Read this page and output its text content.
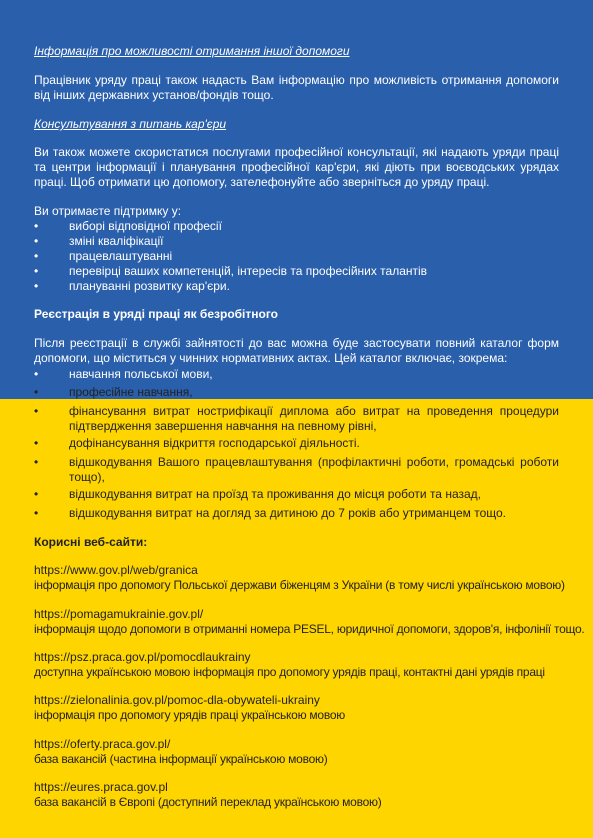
Інформація про можливості отримання іншої допомоги

Працівник уряду праці також надасть Вам інформацію про можливість отримання допомоги від інших державних установ/фондів тощо.

Консультування з питань кар'єри

Ви також можете скористатися послугами професійної консультації, які надають уряди праці та центри інформації і планування професійної кар'єри, які діють при воєводських урядах праці. Щоб отримати цю допомогу, зателефонуйте або зверніться до уряду праці.

Ви отримаєте підтримку у:

•	виборі відповідної професії
•	зміні кваліфікації
•	працевлаштуванні
•	перевірці ваших компетенцій, інтересів та професійних талантів
•	плануванні розвитку кар'єри.

Реєстрація в уряді праці як безробітного

Після реєстрації в службі зайнятості до вас можна буде застосувати повний каталог форм допомоги, що міститься у чинних нормативних актах. Цей каталог включає, зокрема:

•	навчання польської мови,
•	професійне навчання,
•	фінансування витрат нострифікації диплома або витрат на проведення процедури підтвердження завершення навчання на певному рівні,
•	дофінансування відкриття господарської діяльності.
•	відшкодування Вашого працевлаштування (профілактичні роботи, громадські роботи тощо),
•	відшкодування витрат на проїзд та проживання до місця роботи та назад,
•	відшкодування витрат на догляд за дитиною до 7 років або утриманцем тощо.

Корисні веб-сайти:

https://www.gov.pl/web/granica
інформація про допомогу Польської держави біженцям з України (в тому числі українською мовою)
https://pomagamukrainie.gov.pl/
інформація щодо допомоги в отриманні номера PESEL, юридичної допомоги, здоров'я, інфолінії тощо.
https://psz.praca.gov.pl/pomocdlaukrainy
доступна українською мовою інформація про допомогу урядів праці, контактні дані урядів праці
https://zielonalinia.gov.pl/pomoc-dla-obywateli-ukrainy
інформація про допомогу урядів праці українською мовою
https://oferty.praca.gov.pl/
база вакансій (частина інформації українською мовою)
https://eures.praca.gov.pl
база вакансій в Європі (доступний переклад українською мовою)
